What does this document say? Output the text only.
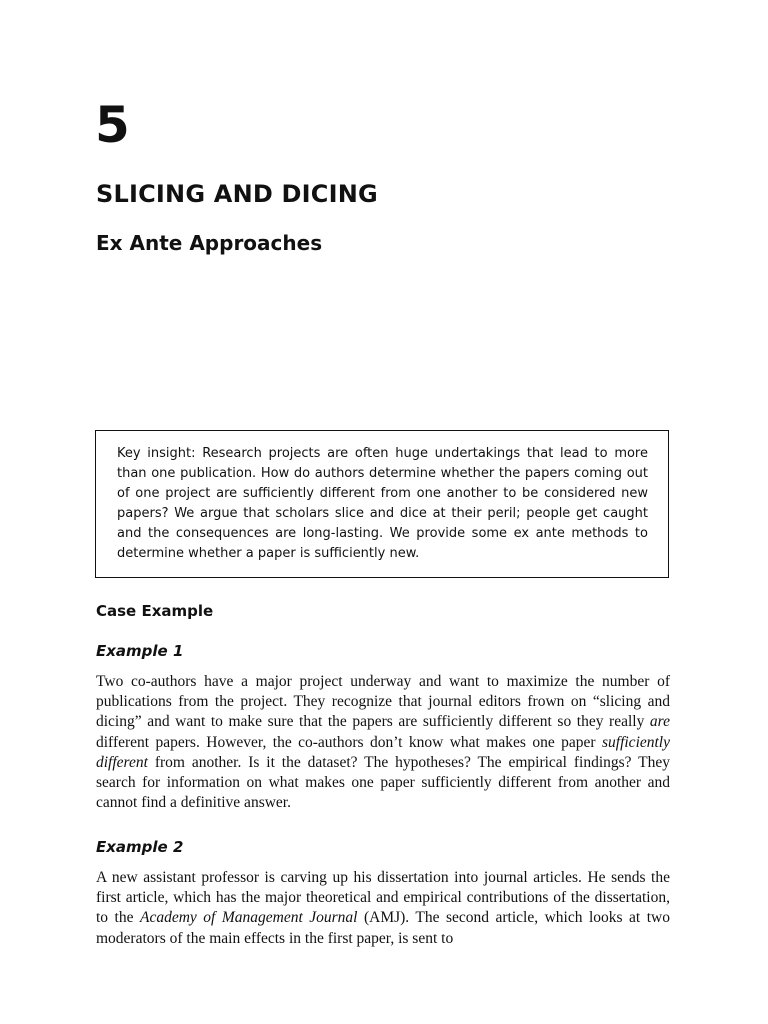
5
SLICING AND DICING
Ex Ante Approaches

Key insight: Research projects are often huge undertakings that lead to more than one publication. How do authors determine whether the papers coming out of one project are sufficiently different from one another to be considered new papers? We argue that scholars slice and dice at their peril; people get caught and the consequences are long-lasting. We provide some ex ante methods to determine whether a paper is sufficiently new.

Case Example
Example 1

Two co-authors have a major project underway and want to maximize the number of publications from the project. They recognize that journal editors frown on “slicing and dicing” and want to make sure that the papers are sufficiently different so they really are different papers. However, the co-authors don’t know what makes one paper sufficiently different from another. Is it the dataset? The hypotheses? The empirical findings? They search for information on what makes one paper sufficiently different from another and cannot find a definitive answer.

Example 2

A new assistant professor is carving up his dissertation into journal articles. He sends the first article, which has the major theoretical and empirical contributions of the dissertation, to the Academy of Management Journal (AMJ). The second article, which looks at two moderators of the main effects in the first paper, is sent to
